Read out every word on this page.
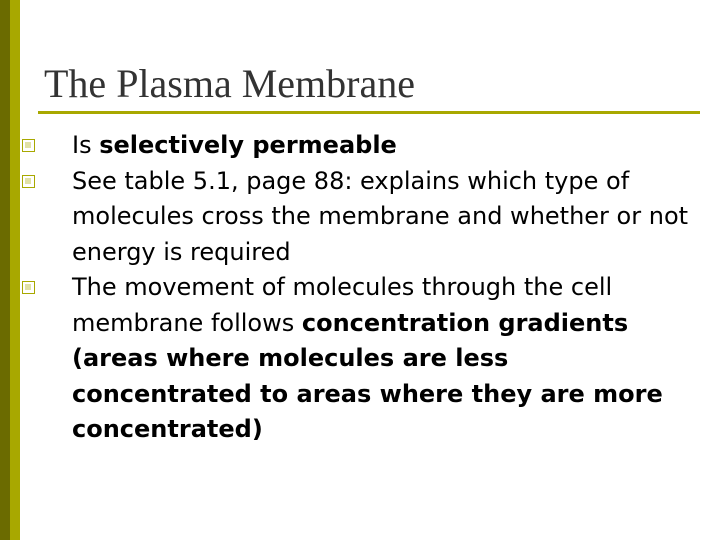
The Plasma Membrane
Is selectively permeable
See table 5.1, page 88: explains which type of molecules cross the membrane and whether or not energy is required
The movement of molecules through the cell membrane follows concentration gradients (areas where molecules are less concentrated to areas where they are more concentrated)
